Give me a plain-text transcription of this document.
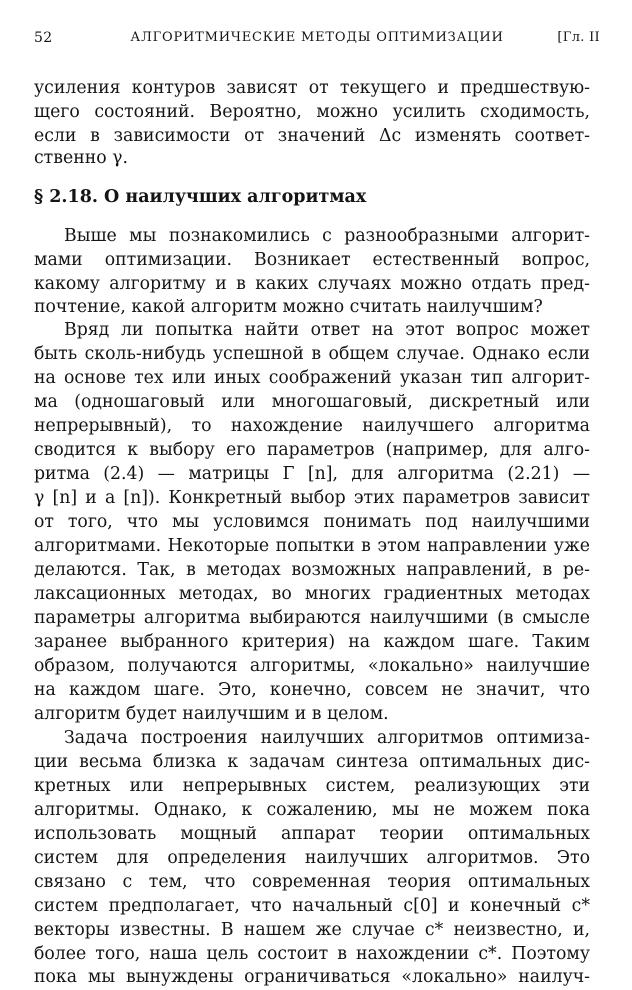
52	АЛГОРИТМИЧЕСКИЕ МЕТОДЫ ОПТИМИЗАЦИИ	[Гл. II
усиления контуров зависят от текущего и предшествую-
щего состояний. Вероятно, можно усилить сходимость,
если в зависимости от значений Δc изменять соответ-
ственно γ.
§ 2.18. О наилучших алгоритмах
Выше мы познакомились с разнообразными алгорит-
мами оптимизации. Возникает естественный вопрос,
какому алгоритму и в каких случаях можно отдать пред-
почтение, какой алгоритм можно считать наилучшим?
Вряд ли попытка найти ответ на этот вопрос может
быть сколь-нибудь успешной в общем случае. Однако если
на основе тех или иных соображений указан тип алгорит-
ма (одношаговый или многошаговый, дискретный или
непрерывный), то нахождение наилучшего алгоритма
сводится к выбору его параметров (например, для алго-
ритма (2.4) — матрицы Γ [n], для алгоритма (2.21) —
γ [n] и a [n]). Конкретный выбор этих параметров зависит
от того, что мы условимся понимать под наилучшими
алгоритмами. Некоторые попытки в этом направлении уже
делаются. Так, в методах возможных направлений, в ре-
лаксационных методах, во многих градиентных методах
параметры алгоритма выбираются наилучшими (в смысле
заранее выбранного критерия) на каждом шаге. Таким
образом, получаются алгоритмы, «локально» наилучшие
на каждом шаге. Это, конечно, совсем не значит, что
алгоритм будет наилучшим и в целом.
Задача построения наилучших алгоритмов оптимиза-
ции весьма близка к задачам синтеза оптимальных дис-
кретных или непрерывных систем, реализующих эти
алгоритмы. Однако, к сожалению, мы не можем пока
использовать мощный аппарат теории оптимальных
систем для определения наилучших алгоритмов. Это
связано с тем, что современная теория оптимальных
систем предполагает, что начальный c[0] и конечный c*
векторы известны. В нашем же случае c* неизвестно, и,
более того, наша цель состоит в нахождении c*. Поэтому
пока мы вынуждены ограничиваться «локально» наилуч-
